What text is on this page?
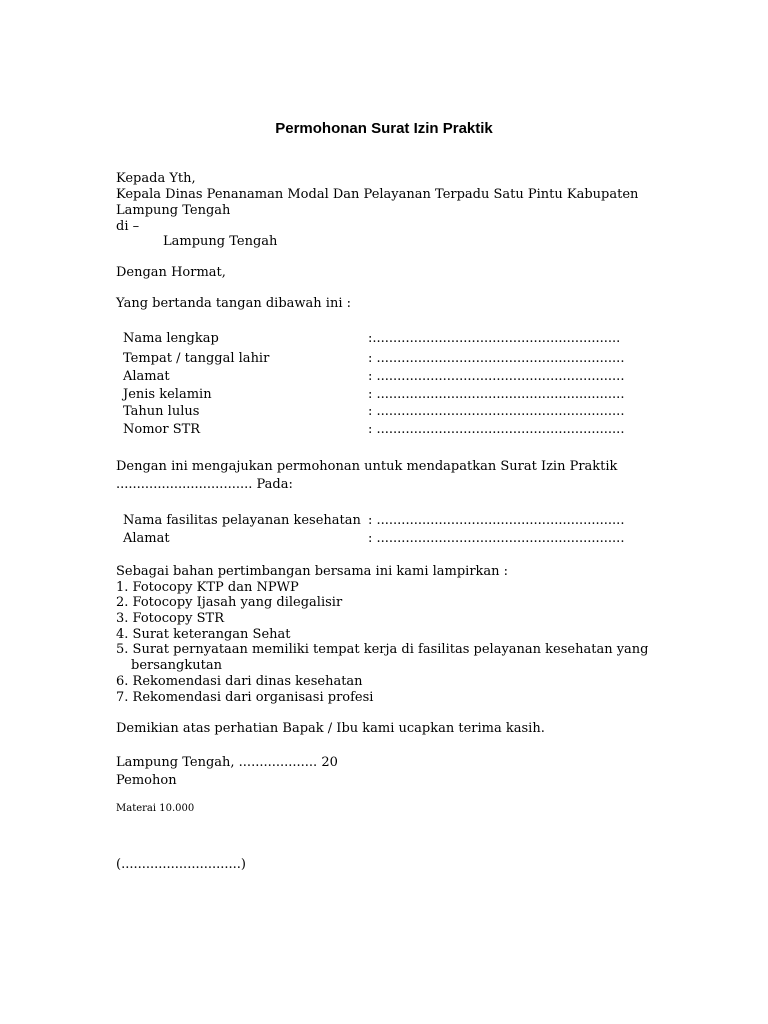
Permohonan Surat Izin Praktik
Kepada Yth,
Kepala Dinas Penanaman Modal Dan Pelayanan Terpadu Satu Pintu Kabupaten
Lampung Tengah
di –
Lampung Tengah
Dengan Hormat,
Yang bertanda tangan dibawah ini :
Nama lengkap	:............................................................
Tempat / tanggal lahir	: ............................................................
Alamat	: ............................................................
Jenis kelamin	: ............................................................
Tahun lulus	: ............................................................
Nomor STR	: ............................................................
Dengan ini mengajukan permohonan untuk mendapatkan Surat Izin Praktik
................................. Pada:
Nama fasilitas pelayanan kesehatan : ............................................................
Alamat	: ............................................................
Sebagai bahan pertimbangan bersama ini kami lampirkan :
1. Fotocopy KTP dan NPWP
2. Fotocopy Ijasah yang dilegalisir
3. Fotocopy STR
4. Surat keterangan Sehat
5. Surat pernyataan memiliki tempat kerja di fasilitas pelayanan kesehatan yang
bersangkutan
6. Rekomendasi dari dinas kesehatan
7. Rekomendasi dari organisasi profesi
Demikian atas perhatian Bapak / Ibu kami ucapkan terima kasih.
Lampung Tengah, ................... 20
Pemohon
Materai 10.000
(.............................)
